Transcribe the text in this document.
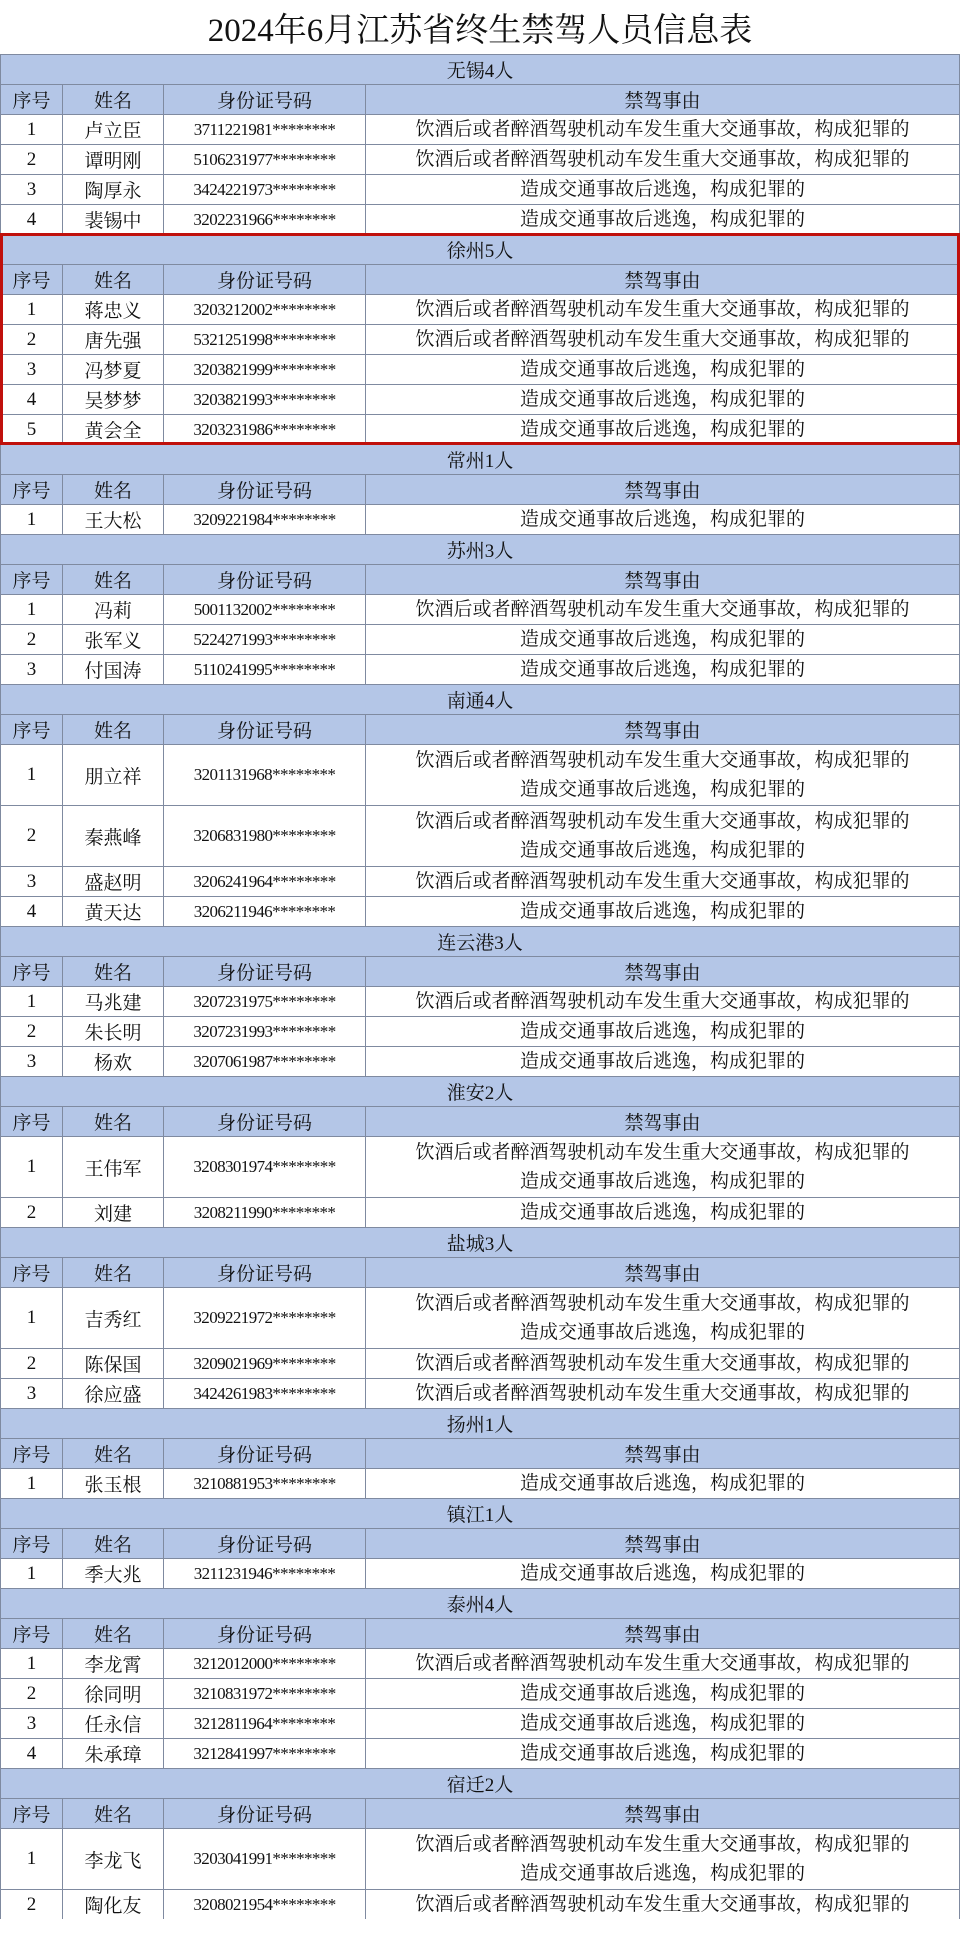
2024年6月江苏省终生禁驾人员信息表
无锡4人
序号	姓名	身份证号码	禁驾事由
1	卢立臣	3711221981********	饮酒后或者醉酒驾驶机动车发生重大交通事故，构成犯罪的
2	谭明刚	5106231977********	饮酒后或者醉酒驾驶机动车发生重大交通事故，构成犯罪的
3	陶厚永	3424221973********	造成交通事故后逃逸，构成犯罪的
4	裴锡中	3202231966********	造成交通事故后逃逸，构成犯罪的
徐州5人
序号	姓名	身份证号码	禁驾事由
1	蒋忠义	3203212002********	饮酒后或者醉酒驾驶机动车发生重大交通事故，构成犯罪的
2	唐先强	5321251998********	饮酒后或者醉酒驾驶机动车发生重大交通事故，构成犯罪的
3	冯梦夏	3203821999********	造成交通事故后逃逸，构成犯罪的
4	吴梦梦	3203821993********	造成交通事故后逃逸，构成犯罪的
5	黄会全	3203231986********	造成交通事故后逃逸，构成犯罪的
常州1人
序号	姓名	身份证号码	禁驾事由
1	王大松	3209221984********	造成交通事故后逃逸，构成犯罪的
苏州3人
序号	姓名	身份证号码	禁驾事由
1	冯莉	5001132002********	饮酒后或者醉酒驾驶机动车发生重大交通事故，构成犯罪的
2	张军义	5224271993********	造成交通事故后逃逸，构成犯罪的
3	付国涛	5110241995********	造成交通事故后逃逸，构成犯罪的
南通4人
序号	姓名	身份证号码	禁驾事由
1	朋立祥	3201131968********
饮酒后或者醉酒驾驶机动车发生重大交通事故，构成犯罪的
造成交通事故后逃逸，构成犯罪的
2	秦燕峰	3206831980********
饮酒后或者醉酒驾驶机动车发生重大交通事故，构成犯罪的
造成交通事故后逃逸，构成犯罪的
3	盛赵明	3206241964********	饮酒后或者醉酒驾驶机动车发生重大交通事故，构成犯罪的
4	黄天达	3206211946********	造成交通事故后逃逸，构成犯罪的
连云港3人
序号	姓名	身份证号码	禁驾事由
1	马兆建	3207231975********	饮酒后或者醉酒驾驶机动车发生重大交通事故，构成犯罪的
2	朱长明	3207231993********	造成交通事故后逃逸，构成犯罪的
3	杨欢	3207061987********	造成交通事故后逃逸，构成犯罪的
淮安2人
序号	姓名	身份证号码	禁驾事由
1	王伟军	3208301974********
饮酒后或者醉酒驾驶机动车发生重大交通事故，构成犯罪的
造成交通事故后逃逸，构成犯罪的
2	刘建	3208211990********	造成交通事故后逃逸，构成犯罪的
盐城3人
序号	姓名	身份证号码	禁驾事由
1	吉秀红	3209221972********
饮酒后或者醉酒驾驶机动车发生重大交通事故，构成犯罪的
造成交通事故后逃逸，构成犯罪的
2	陈保国	3209021969********	饮酒后或者醉酒驾驶机动车发生重大交通事故，构成犯罪的
3	徐应盛	3424261983********	饮酒后或者醉酒驾驶机动车发生重大交通事故，构成犯罪的
扬州1人
序号	姓名	身份证号码	禁驾事由
1	张玉根	3210881953********	造成交通事故后逃逸，构成犯罪的
镇江1人
序号	姓名	身份证号码	禁驾事由
1	季大兆	3211231946********	造成交通事故后逃逸，构成犯罪的
泰州4人
序号	姓名	身份证号码	禁驾事由
1	李龙霄	3212012000********	饮酒后或者醉酒驾驶机动车发生重大交通事故，构成犯罪的
2	徐同明	3210831972********	造成交通事故后逃逸，构成犯罪的
3	任永信	3212811964********	造成交通事故后逃逸，构成犯罪的
4	朱承璋	3212841997********	造成交通事故后逃逸，构成犯罪的
宿迁2人
序号	姓名	身份证号码	禁驾事由
1	李龙飞	3203041991********
饮酒后或者醉酒驾驶机动车发生重大交通事故，构成犯罪的
造成交通事故后逃逸，构成犯罪的
2	陶化友	3208021954********	饮酒后或者醉酒驾驶机动车发生重大交通事故，构成犯罪的
